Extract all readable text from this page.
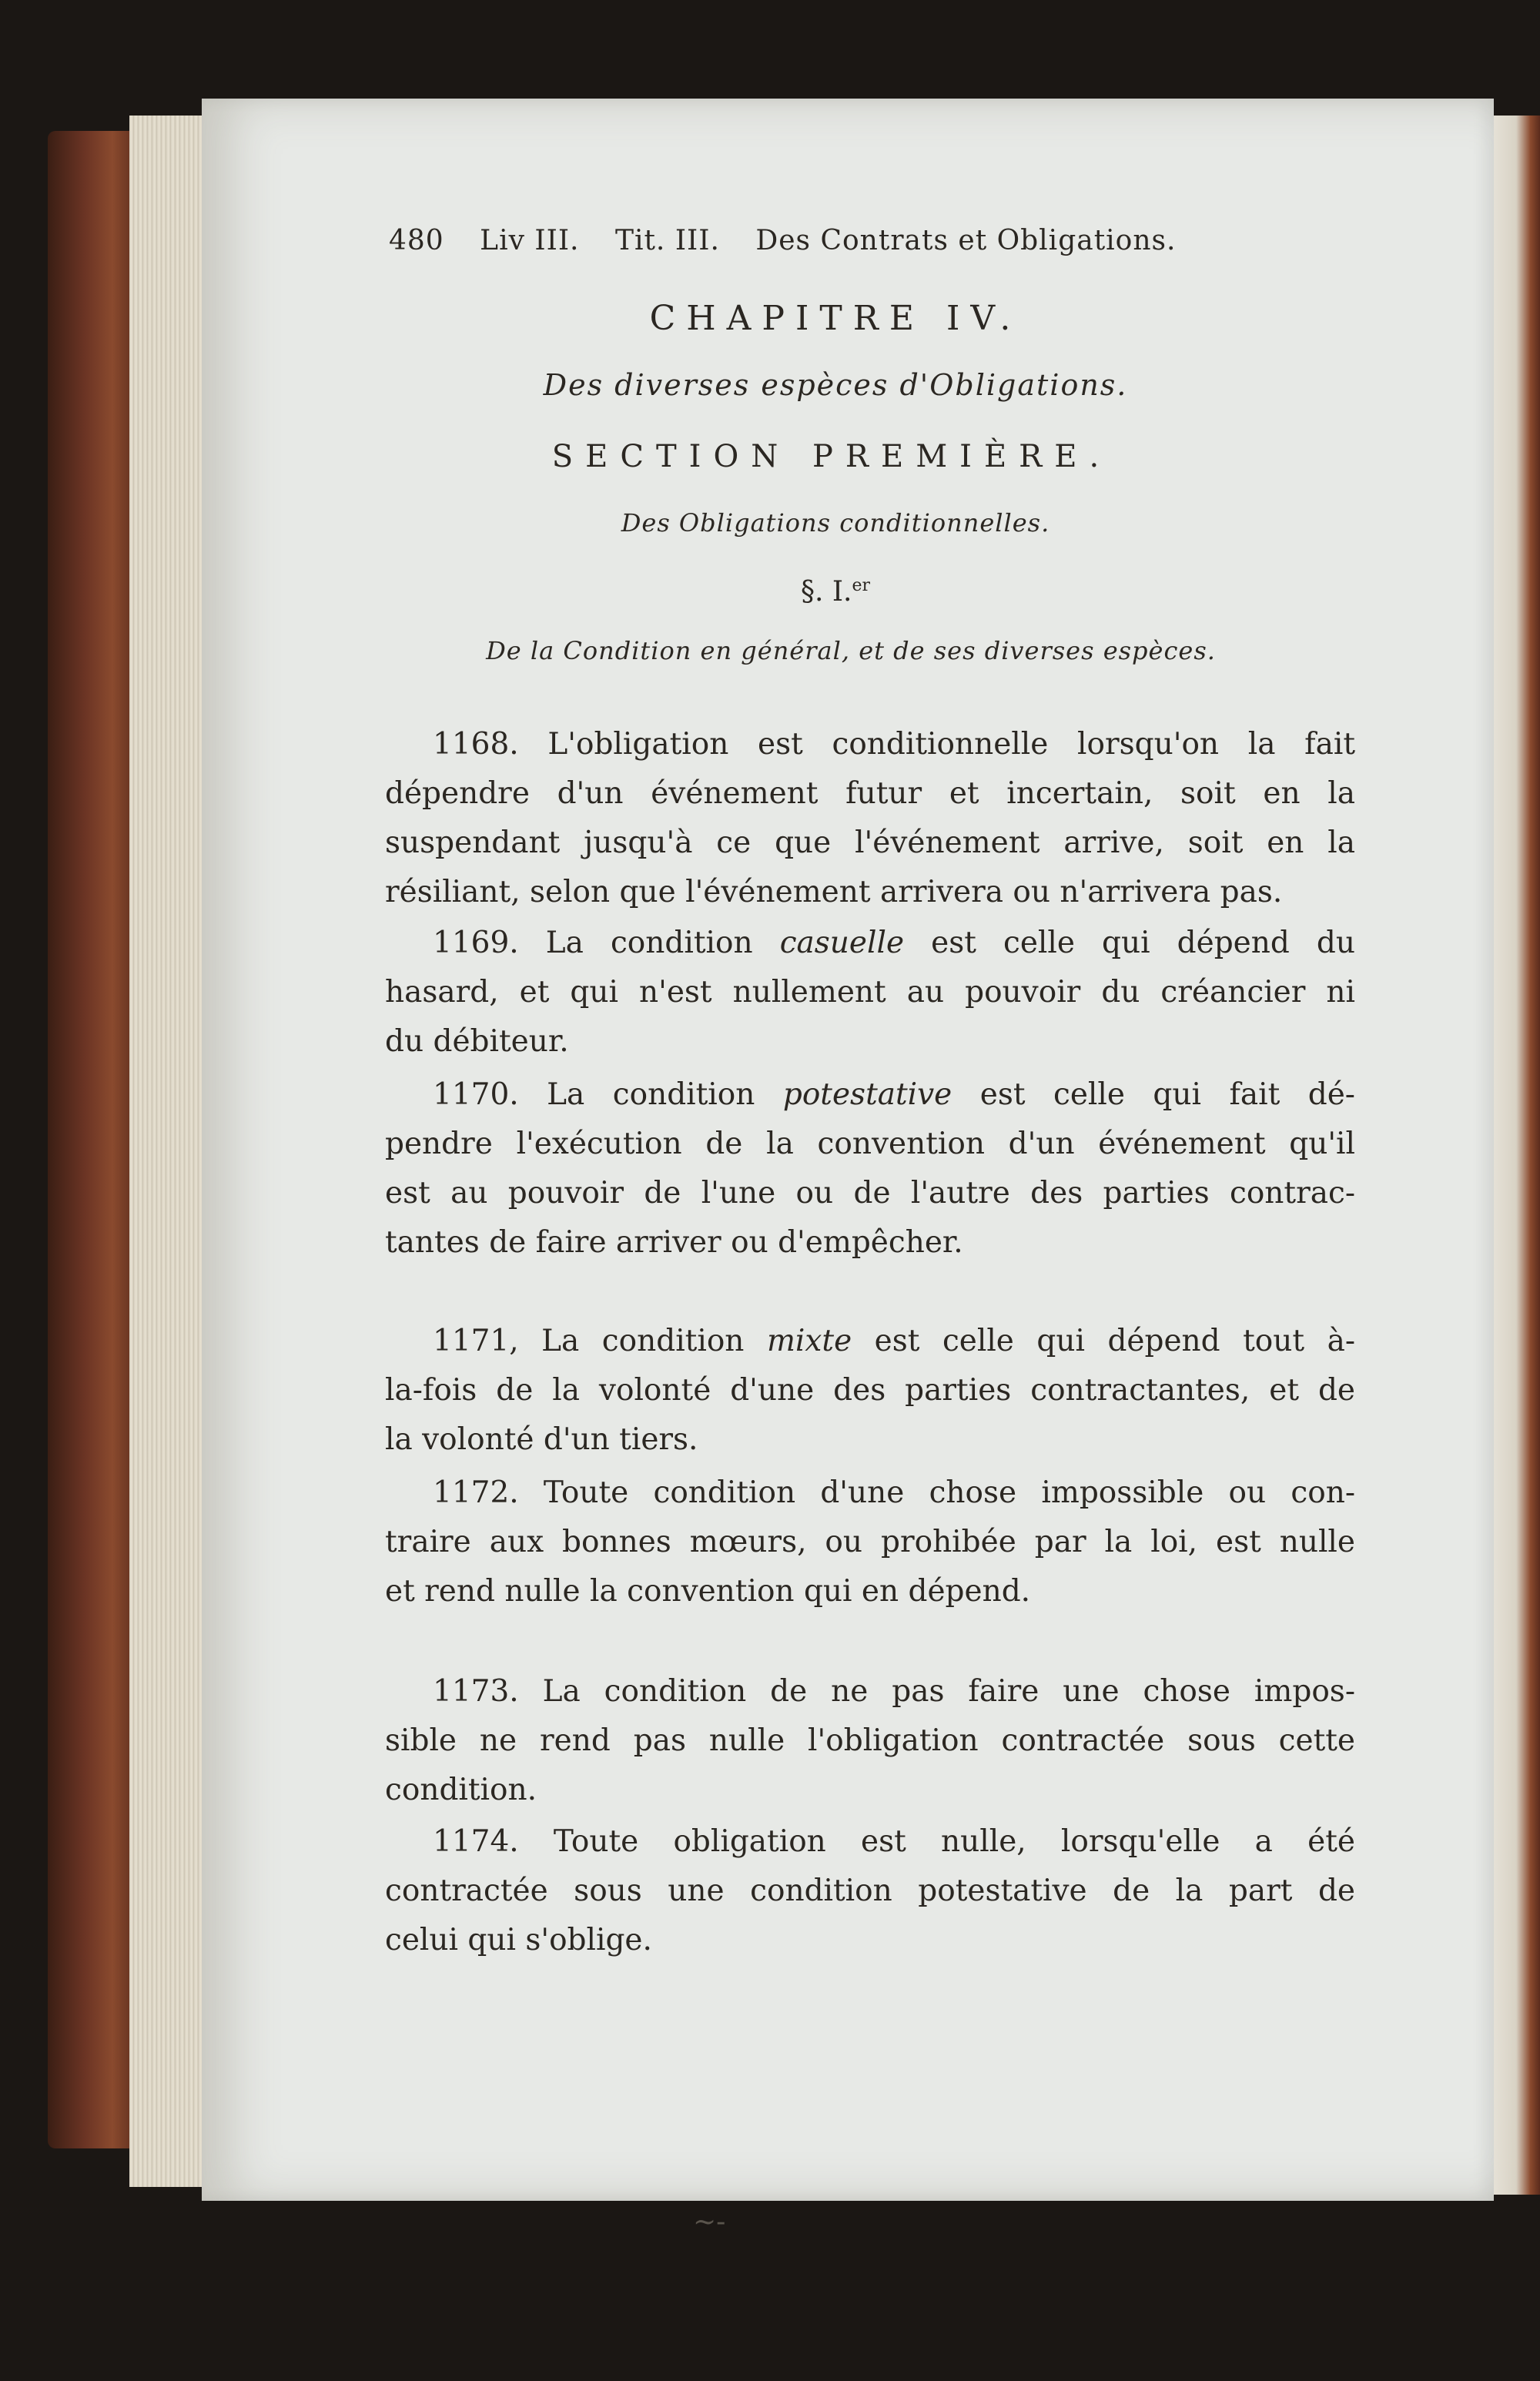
480 Liv III. Tit. III. Des Contrats et Obligations.
CHAPITRE IV.
Des diverses espèces d'Obligations.
SECTION PREMIÈRE.
Des Obligations conditionnelles.
§. I.$^{er}$
De la Condition en général, et de ses diverses espèces.
1168. L'obligation est conditionnelle lorsqu'on la fait
dépendre d'un événement futur et incertain, soit en la
suspendant jusqu'à ce que l'événement arrive, soit en la
résiliant, selon que l'événement arrivera ou n'arrivera pas.
1169. La condition casuelle est celle qui dépend du
hasard, et qui n'est nullement au pouvoir du créancier ni
du débiteur.
1170. La condition potestative est celle qui fait dé-
pendre l'exécution de la convention d'un événement qu'il
est au pouvoir de l'une ou de l'autre des parties contrac-
tantes de faire arriver ou d'empêcher.
1171, La condition mixte est celle qui dépend tout à-
la-fois de la volonté d'une des parties contractantes, et de
la volonté d'un tiers.
1172. Toute condition d'une chose impossible ou con-
traire aux bonnes mœurs, ou prohibée par la loi, est nulle
et rend nulle la convention qui en dépend.
1173. La condition de ne pas faire une chose impos-
sible ne rend pas nulle l'obligation contractée sous cette
condition.
1174. Toute obligation est nulle, lorsqu'elle a été
contractée sous une condition potestative de la part de
celui qui s'oblige.
~-
